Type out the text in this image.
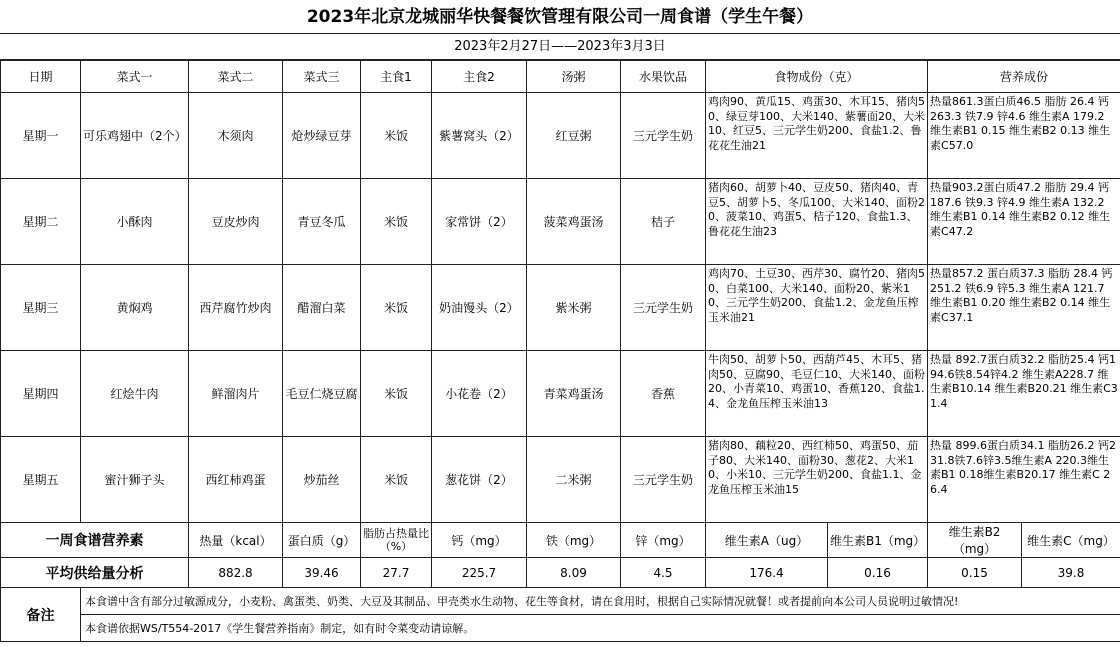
2023年北京龙城丽华快餐餐饮管理有限公司一周食谱（学生午餐）
2023年2月27日——2023年3月3日
日期	菜式一	菜式二	菜式三	主食1	主食2	汤粥	水果饮品	食物成份（克）		营养成份	
星期一	可乐鸡翅中（2个）	木须肉	炝炒绿豆芽	米饭	紫薯窝头（2）	红豆粥	三元学生奶	鸡肉90、黄瓜15、鸡蛋30、木耳15、猪肉50、绿豆芽100、大米140、紫薯面20、大米10、红豆5、三元学生奶200、食盐1.2、鲁花花生油21		热量861.3蛋白质46.5 脂肪 26.4 钙 263.3 铁7.9 锌4.6 维生素A 179.2 维生素B1 0.15 维生素B2 0.13 维生素C57.0	
星期二	小酥肉	豆皮炒肉	青豆冬瓜	米饭	家常饼（2）	菠菜鸡蛋汤	桔子	猪肉60、胡萝卜40、豆皮50、猪肉40、青豆5、胡萝卜5、冬瓜100、大米140、面粉20、菠菜10、鸡蛋5、桔子120、食盐1.3、鲁花花生油23		热量903.2蛋白质47.2 脂肪 29.4 钙 187.6 铁9.3 锌4.9 维生素A 132.2 维生素B1 0.14 维生素B2 0.12 维生素C47.2	
星期三	黄焖鸡	西芹腐竹炒肉	醋溜白菜	米饭	奶油馒头（2）	紫米粥	三元学生奶	鸡肉70、土豆30、西芹30、腐竹20、猪肉50、白菜100、大米140、面粉20、紫米10、三元学生奶200、食盐1.2、金龙鱼压榨玉米油21		热量857.2 蛋白质37.3 脂肪 28.4 钙 251.2 铁6.9 锌5.3 维生素A 121.7 维生素B1 0.20 维生素B2 0.14 维生素C37.1	
星期四	红烩牛肉	鲜溜肉片	毛豆仁烧豆腐	米饭	小花卷（2）	青菜鸡蛋汤	香蕉	牛肉50、胡萝卜50、西葫芦45、木耳5、猪肉50、豆腐90、毛豆仁10、大米140、面粉20、小青菜10、鸡蛋10、香蕉120、食盐1.4、金龙鱼压榨玉米油13		热量 892.7蛋白质32.2 脂肪25.4 钙194.6铁8.54锌4.2 维生素A228.7 维生素B10.14 维生素B20.21 维生素C31.4	
星期五	蜜汁狮子头	西红柿鸡蛋	炒茄丝	米饭	葱花饼（2）	二米粥	三元学生奶	猪肉80、藕粒20、西红柿50、鸡蛋50、茄子80、大米140、面粉30、葱花2、大米10、小米10、三元学生奶200、食盐1.1、金龙鱼压榨玉米油15		热量 899.6蛋白质34.1 脂肪26.2 钙231.8铁7.6锌3.5维生素A 220.3维生素B1 0.18维生素B20.17 维生素C 26.4	
一周食谱营养素		热量（kcal）	蛋白质（g）	脂肪占热量比（%）	钙（mg）	铁（mg）	锌（mg）	维生素A（ug）	维生素B1（mg）	维生素B2（mg）	维生素C（mg）
平均供给量分析		882.8	39.46	27.7	225.7	8.09	4.5	176.4	0.16	0.15	39.8
备注	本食谱中含有部分过敏源成分，小麦粉、禽蛋类、奶类、大豆及其制品、甲壳类水生动物、花生等食材，请在食用时，根据自己实际情况就餐！或者提前向本公司人员说明过敏情况!										
	本食谱依据WS/T554-2017《学生餐营养指南》制定，如有时令菜变动请谅解。										
